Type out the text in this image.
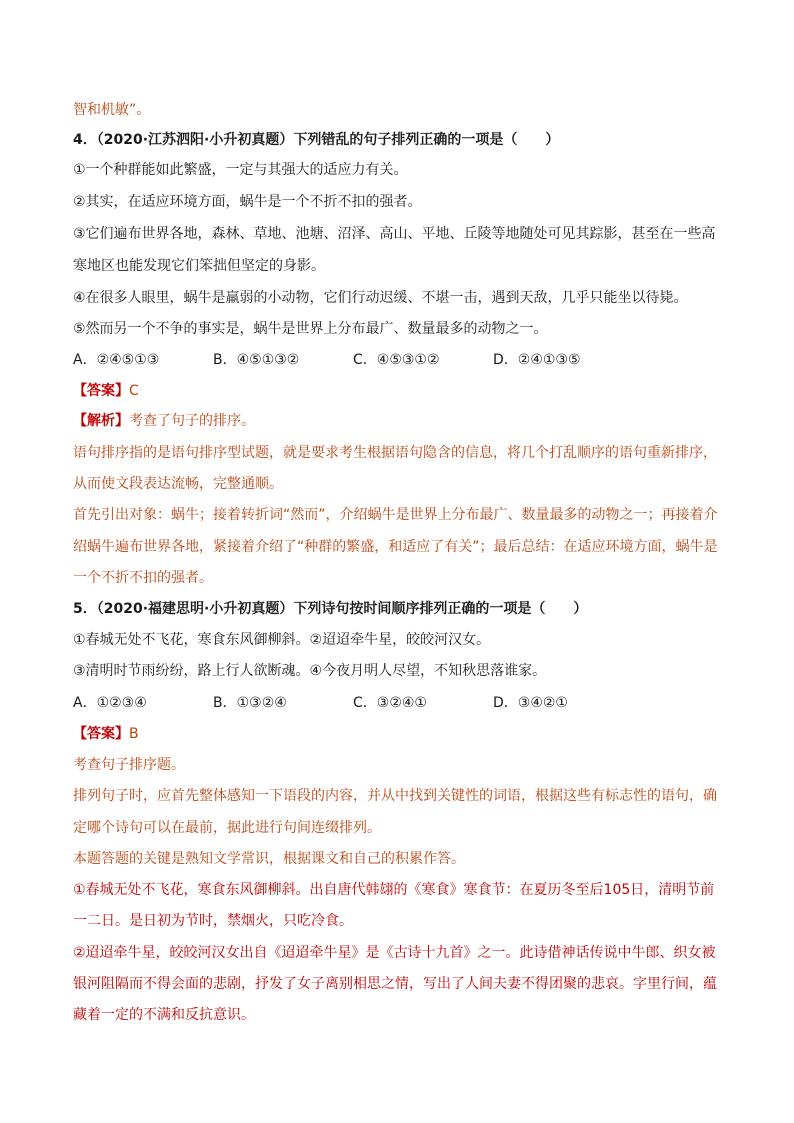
智和机敏”。
4．（2020·江苏泗阳·小升初真题）下列错乱的句子排列正确的一项是（　　）
①一个种群能如此繁盛，一定与其强大的适应力有关。
②其实，在适应环境方面，蜗牛是一个不折不扣的强者。
③它们遍布世界各地，森林、草地、池塘、沼泽、高山、平地、丘陵等地随处可见其踪影，甚至在一些高
寒地区也能发现它们笨拙但坚定的身影。
④在很多人眼里，蜗牛是羸弱的小动物，它们行动迟缓、不堪一击，遇到天敌，几乎只能坐以待毙。
⑤然而另一个不争的事实是，蜗牛是世界上分布最广、数量最多的动物之一。
A．②④⑤①③	B．④⑤①③②	C．④⑤③①②	D．②④①③⑤
【答案】C
【解析】考查了句子的排序。
语句排序指的是语句排序型试题，就是要求考生根据语句隐含的信息，将几个打乱顺序的语句重新排序，
从而使文段表达流畅，完整通顺。
首先引出对象：蜗牛；接着转折词“然而”，介绍蜗牛是世界上分布最广、数量最多的动物之一；再接着介
绍蜗牛遍布世界各地，紧接着介绍了“种群的繁盛，和适应了有关”；最后总结：在适应环境方面，蜗牛是
一个不折不扣的强者。
5．（2020·福建思明·小升初真题）下列诗句按时间顺序排列正确的一项是（　　）
①春城无处不飞花，寒食东风御柳斜。②迢迢牵牛星，皎皎河汉女。
③清明时节雨纷纷，路上行人欲断魂。④今夜月明人尽望，不知秋思落谁家。
A．①②③④	B．①③②④	C．③②④①	D．③④②①
【答案】B
考查句子排序题。
排列句子时，应首先整体感知一下语段的内容，并从中找到关键性的词语，根据这些有标志性的语句，确
定哪个诗句可以在最前，据此进行句间连缀排列。
本题答题的关键是熟知文学常识，根据课文和自己的积累作答。
①春城无处不飞花，寒食东风御柳斜。出自唐代韩翃的《寒食》寒食节：在夏历冬至后105日，清明节前
一二日。是日初为节时，禁烟火，只吃冷食。
②迢迢牵牛星，皎皎河汉女出自《迢迢牵牛星》是《古诗十九首》之一。此诗借神话传说中牛郎、织女被
银河阻隔而不得会面的悲剧，抒发了女子离别相思之情，写出了人间夫妻不得团聚的悲哀。字里行间，蕴
藏着一定的不满和反抗意识。
